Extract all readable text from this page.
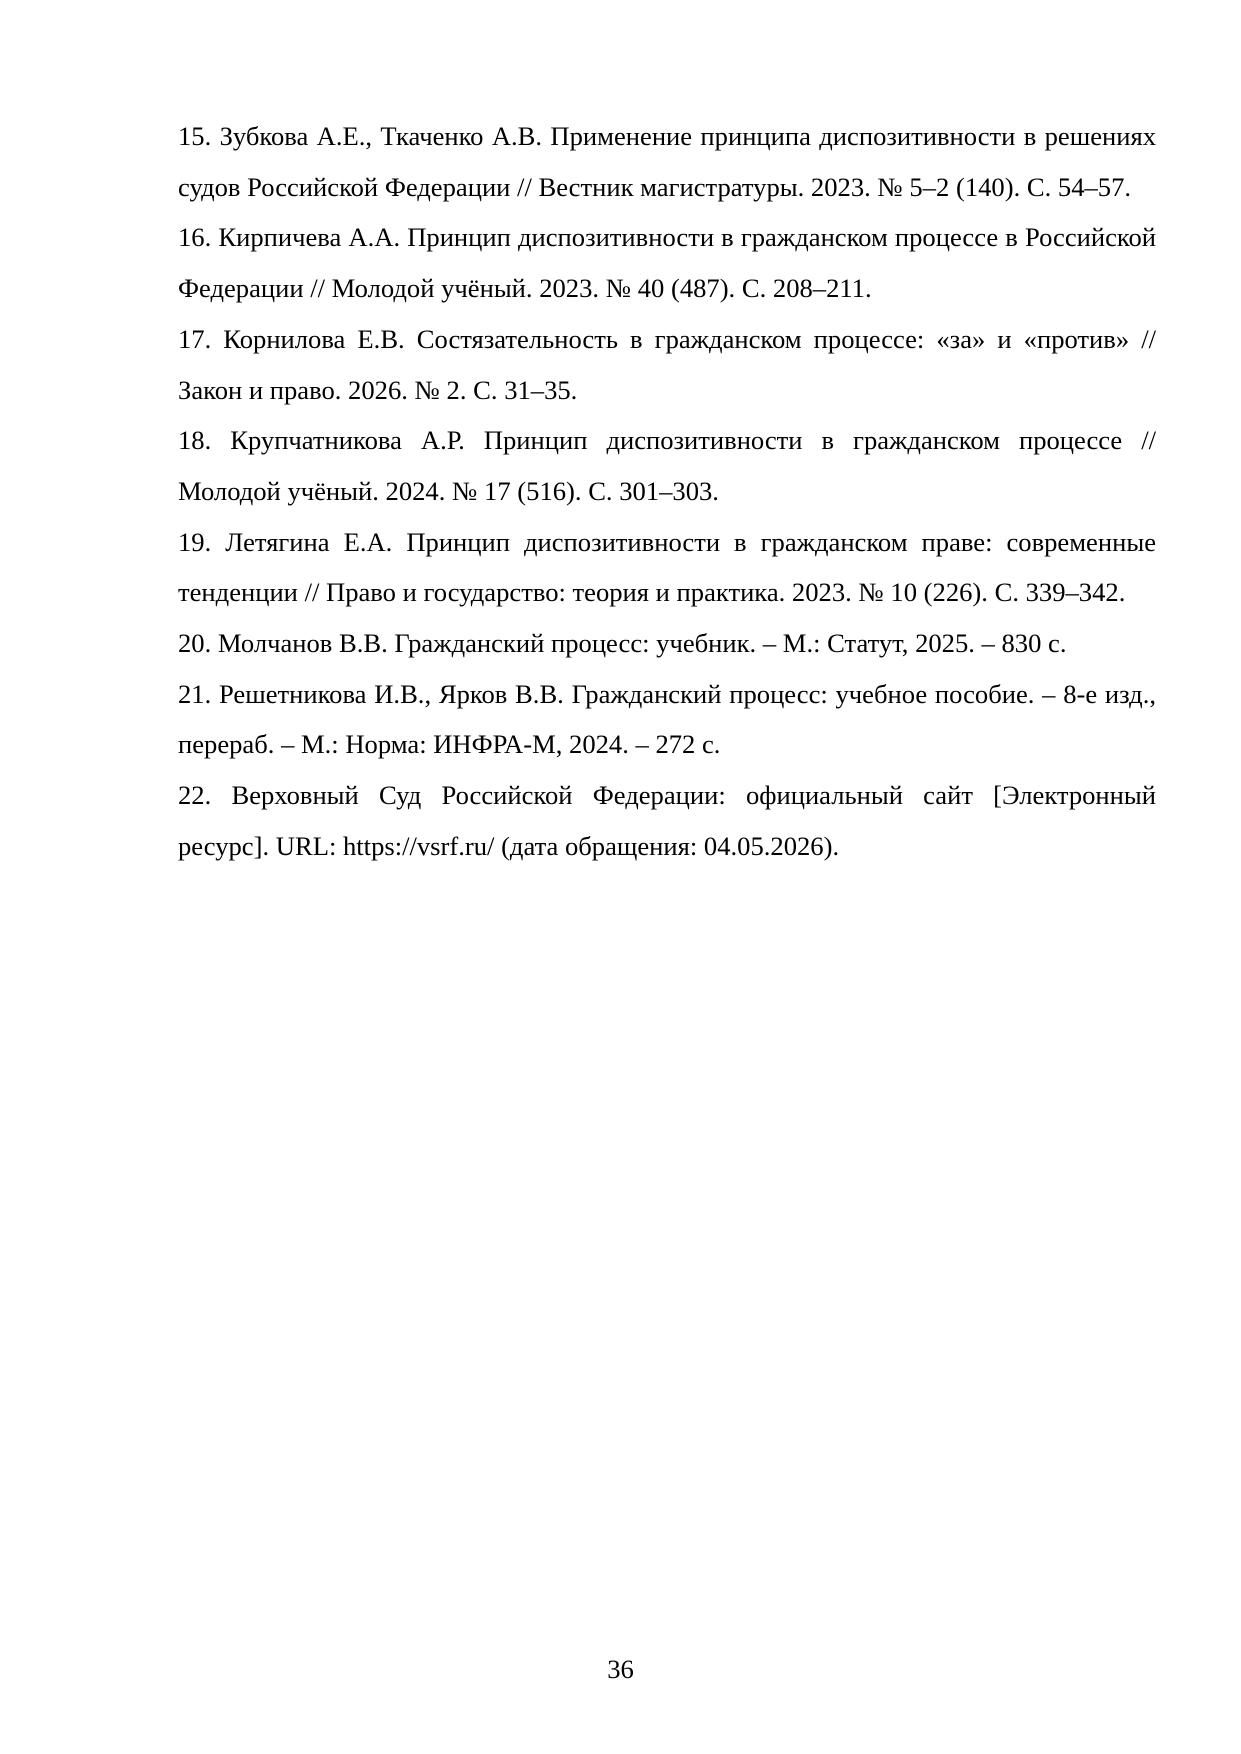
15. Зубкова А.Е., Ткаченко А.В. Применение принципа диспозитивности в решениях судов Российской Федерации // Вестник магистратуры. 2023. № 5–2 (140). С. 54–57.
16. Кирпичева А.А. Принцип диспозитивности в гражданском процессе в Российской Федерации // Молодой учёный. 2023. № 40 (487). С. 208–211.
17. Корнилова Е.В. Состязательность в гражданском процессе: «за» и «против» // Закон и право. 2026. № 2. С. 31–35.
18. Крупчатникова А.Р. Принцип диспозитивности в гражданском процессе // Молодой учёный. 2024. № 17 (516). С. 301–303.
19. Летягина Е.А. Принцип диспозитивности в гражданском праве: современные тенденции // Право и государство: теория и практика. 2023. № 10 (226). С. 339–342.
20. Молчанов В.В. Гражданский процесс: учебник. – М.: Статут, 2025. – 830 с.
21. Решетникова И.В., Ярков В.В. Гражданский процесс: учебное пособие. – 8-е изд., перераб. – М.: Норма: ИНФРА-М, 2024. – 272 с.
22. Верховный Суд Российской Федерации: официальный сайт [Электронный ресурс]. URL: https://vsrf.ru/ (дата обращения: 04.05.2026).
36
